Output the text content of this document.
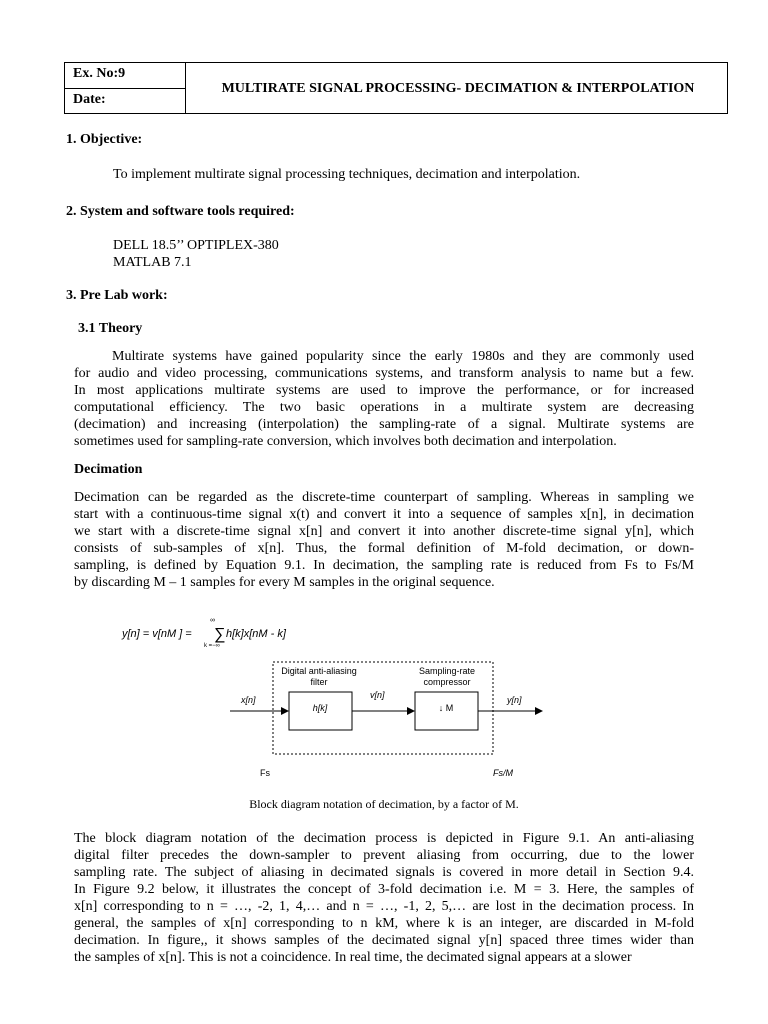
Ex. No:9
Date:
MULTIRATE SIGNAL PROCESSING- DECIMATION & INTERPOLATION
1. Objective:
To implement multirate signal processing techniques, decimation and interpolation.
2. System and software tools required:
DELL 18.5’’ OPTIPLEX-380
MATLAB 7.1
3. Pre Lab work:
3.1 Theory

Multirate systems have gained popularity since the early 1980s and they are commonly used

for audio and video processing, communications systems, and transform analysis to name but a few.

In most applications multirate systems are used to improve the performance, or for increased

computational efficiency. The two basic operations in a multirate system are decreasing

(decimation) and increasing (interpolation) the sampling-rate of a signal. Multirate systems are

sometimes used for sampling-rate conversion, which involves both decimation and interpolation.

Decimation

Decimation can be regarded as the discrete-time counterpart of sampling. Whereas in sampling we

start with a continuous-time signal x(t) and convert it into a sequence of samples x[n], in decimation

we start with a discrete-time signal x[n] and convert it into another discrete-time signal y[n], which

consists of sub-samples of x[n]. Thus, the formal definition of M-fold decimation, or down-

sampling, is defined by Equation 9.1. In decimation, the sampling rate is reduced from Fs to Fs/M

by discarding M – 1 samples for every M samples in the original sequence.

y[n] = v[nM ] =
∞
∑
k =−∞
h[k]x[nM - k]
Digital anti-aliasing
filter
Sampling-rate
compressor
x[n]
h[k]
v[n]
↓ M
y[n]
Fs	Fs/M
Block diagram notation of decimation, by a factor of M.

The block diagram notation of the decimation process is depicted in Figure 9.1. An anti-aliasing

digital filter precedes the down-sampler to prevent aliasing from occurring, due to the lower

sampling rate. The subject of aliasing in decimated signals is covered in more detail in Section 9.4.

In Figure 9.2 below, it illustrates the concept of 3-fold decimation i.e. M = 3. Here, the samples of

x[n] corresponding to n = …, -2, 1, 4,… and n = …, -1, 2, 5,… are lost in the decimation process. In

general, the samples of x[n] corresponding to n kM, where k is an integer, are discarded in M-fold

decimation. In figure,, it shows samples of the decimated signal y[n] spaced three times wider than

the samples of x[n]. This is not a coincidence. In real time, the decimated signal appears at a slower
